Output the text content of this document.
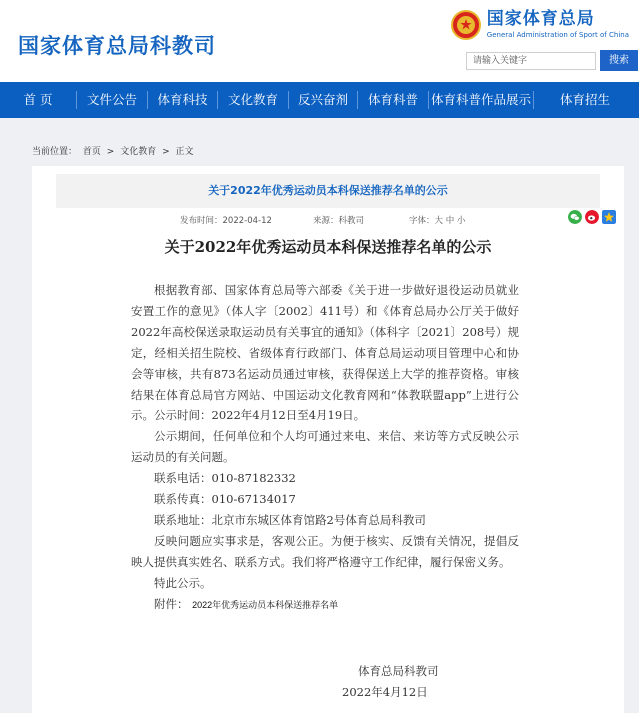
国家体育总局科教司
国家体育总局
General Administration of Sport of China
请输入关键字	搜索
首 页	文件公告	体育科技	文化教育	反兴奋剂	体育科普	体育科普作品展示	体育招生
当前位置： 首页 > 文化教育 > 正文
关于2022年优秀运动员本科保送推荐名单的公示
发布时间：2022-04-12	来源：科教司	字体：大 中 小
关于2022年优秀运动员本科保送推荐名单的公示

根据教育部、国家体育总局等六部委《关于进一步做好退役运动员就业安置工作的意见》（体人字〔2002〕411号）和《体育总局办公厅关于做好2022年高校保送录取运动员有关事宜的通知》（体科字〔2021〕208号）规定，经相关招生院校、省级体育行政部门、体育总局运动项目管理中心和协会等审核，共有873名运动员通过审核，获得保送上大学的推荐资格。审核结果在体育总局官方网站、中国运动文化教育网和“体教联盟app”上进行公示。公示时间：2022年4月12日至4月19日。

公示期间，任何单位和个人均可通过来电、来信、来访等方式反映公示运动员的有关问题。

联系电话：010-87182332
联系传真：010-67134017
联系地址：北京市东城区体育馆路2号体育总局科教司

反映问题应实事求是，客观公正。为便于核实、反馈有关情况，提倡反映人提供真实姓名、联系方式。我们将严格遵守工作纪律，履行保密义务。

特此公示。
附件： 2022年优秀运动员本科保送推荐名单
体育总局科教司
2022年4月12日
